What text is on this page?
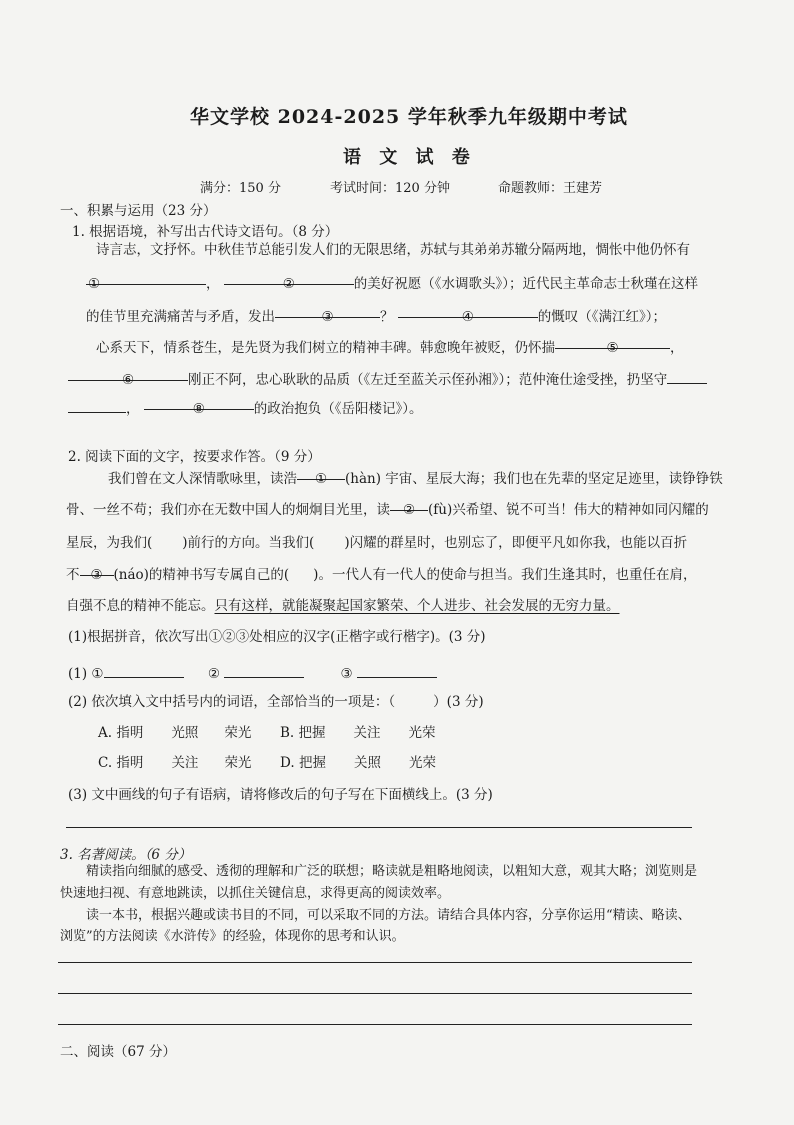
华文学校 2024-2025 学年秋季九年级期中考试
语 文 试 卷
满分：150 分	考试时间：120 分钟	命题教师：王建芳
一、积累与运用（23 分）
1. 根据语境，补写出古代诗文语句。（8 分）
诗言志，文抒怀。中秋佳节总能引发人们的无限思绪，苏轼与其弟弟苏辙分隔两地，惆怅中他仍怀有
①	，	②	的美好祝愿（《水调歌头》）；近代民主革命志士秋瑾在这样
的佳节里充满痛苦与矛盾，发出	③	？	④	的慨叹（《满江红》）；
心系天下，情系苍生，是先贤为我们树立的精神丰碑。韩愈晚年被贬，仍怀揣	⑤	，
⑥	刚正不阿，忠心耿耿的品质（《左迁至蓝关示侄孙湘》）；范仲淹仕途受挫，扔坚守
，	⑧	的政治抱负（《岳阳楼记》）。
2. 阅读下面的文字，按要求作答。（9 分）
我们曾在文人深情歌咏里，读浩 ① (hàn) 宇宙、星辰大海；我们也在先辈的坚定足迹里，读铮铮铁
骨、一丝不苟；我们亦在无数中国人的炯炯目光里，读 ② (fù)兴希望、锐不可当！伟大的精神如同闪耀的
星辰，为我们( )前行的方向。当我们( )闪耀的群星时，也别忘了，即便平凡如你我，也能以百折
不 ③ (náo)的精神书写专属自己的( )。一代人有一代人的使命与担当。我们生逢其时，也重任在肩，
自强不息的精神不能忘。只有这样，就能凝聚起国家繁荣、个人进步、社会发展的无穷力量。
(1)根据拼音，依次写出①②③处相应的汉字(正楷字或行楷字)。(3 分)
(1) ①	②	③
(2) 依次填入文中括号内的词语，全部恰当的一项是：（	）(3 分)
A. 指明 光照 荣光 B. 把握 关注 光荣
C. 指明 关注 荣光 D. 把握 关照 光荣
(3) 文中画线的句子有语病，请将修改后的句子写在下面横线上。(3 分)
3. 名著阅读。（6 分）
精读指向细腻的感受、透彻的理解和广泛的联想；略读就是粗略地阅读，以粗知大意，观其大略；浏览则是
快速地扫视、有意地跳读，以抓住关键信息，求得更高的阅读效率。
读一本书，根据兴趣或读书目的不同，可以采取不同的方法。请结合具体内容，分享你运用“精读、略读、
浏览”的方法阅读《水浒传》的经验，体现你的思考和认识。
二、阅读（67 分）
